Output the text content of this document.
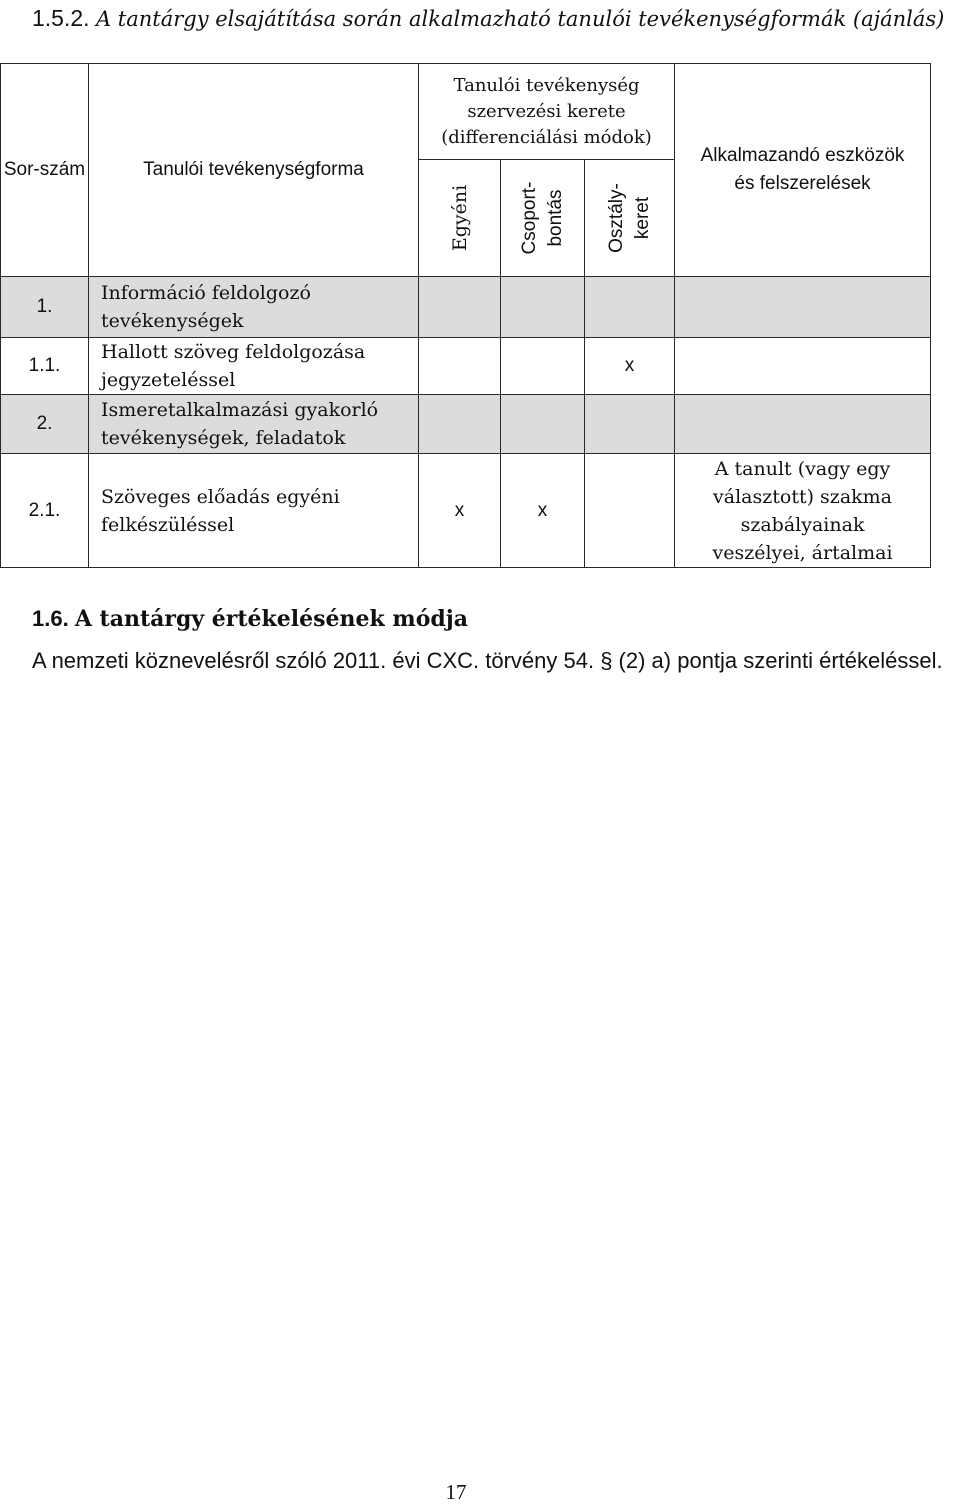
1.5.2. A tantárgy elsajátítása során alkalmazható tanulói tevékenységformák (ajánlás)
Sor-szám	Tanulói tevékenységforma	Tanulói tevékenység szervezési kerete (differenciálási módok)			Alkalmazandó eszközök és felszerelések

		Egyéni	Csoport-bontás	Osztály-keret	

1.	Információ feldolgozó tevékenységek				
1.1.	Hallott szöveg feldolgozása jegyzeteléssel			x	
2.	Ismeretalkalmazási gyakorló tevékenységek, feladatok				
2.1.	Szöveges előadás egyéni felkészüléssel	x	x		A tanult (vagy egy választott) szakma szabályainak veszélyei, ártalmai
1.6. A tantárgy értékelésének módja
A nemzeti köznevelésről szóló 2011. évi CXC. törvény 54. § (2) a) pontja szerinti értékeléssel.
17
